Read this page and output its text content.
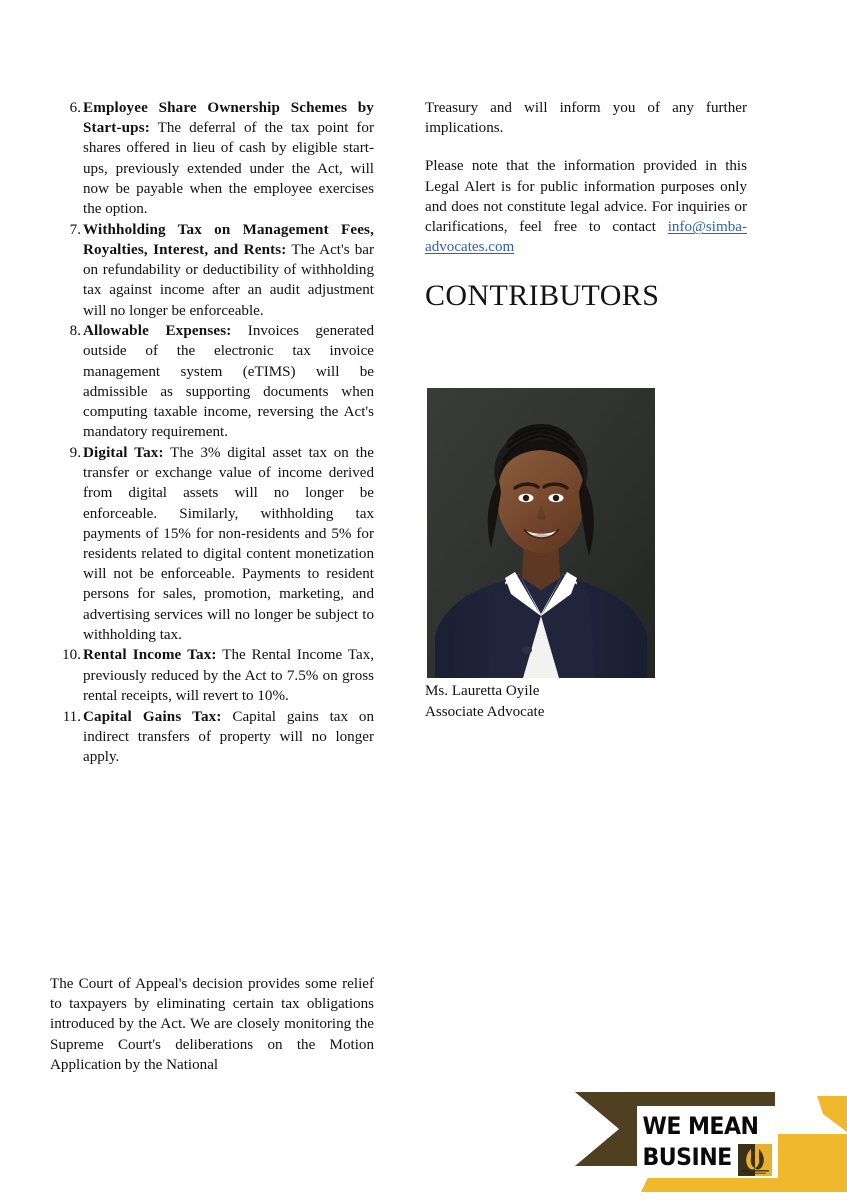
6. Employee Share Ownership Schemes by Start-ups: The deferral of the tax point for shares offered in lieu of cash by eligible start-ups, previously extended under the Act, will now be payable when the employee exercises the option.
7. Withholding Tax on Management Fees, Royalties, Interest, and Rents: The Act's bar on refundability or deductibility of withholding tax against income after an audit adjustment will no longer be enforceable.
8. Allowable Expenses: Invoices generated outside of the electronic tax invoice management system (eTIMS) will be admissible as supporting documents when computing taxable income, reversing the Act's mandatory requirement.
9. Digital Tax: The 3% digital asset tax on the transfer or exchange value of income derived from digital assets will no longer be enforceable. Similarly, withholding tax payments of 15% for non-residents and 5% for residents related to digital content monetization will not be enforceable. Payments to resident persons for sales, promotion, marketing, and advertising services will no longer be subject to withholding tax.
10. Rental Income Tax: The Rental Income Tax, previously reduced by the Act to 7.5% on gross rental receipts, will revert to 10%.
11. Capital Gains Tax: Capital gains tax on indirect transfers of property will no longer apply.

The Court of Appeal's decision provides some relief to taxpayers by eliminating certain tax obligations introduced by the Act. We are closely monitoring the Supreme Court's deliberations on the Motion Application by the National

Treasury and will inform you of any further implications.

Please note that the information provided in this Legal Alert is for public information purposes only and does not constitute legal advice. For inquiries or clarifications, feel free to contact info@simba-advocates.com

CONTRIBUTORS
Ms. Lauretta Oyile
Associate Advocate
WE MEAN
BUSINE
